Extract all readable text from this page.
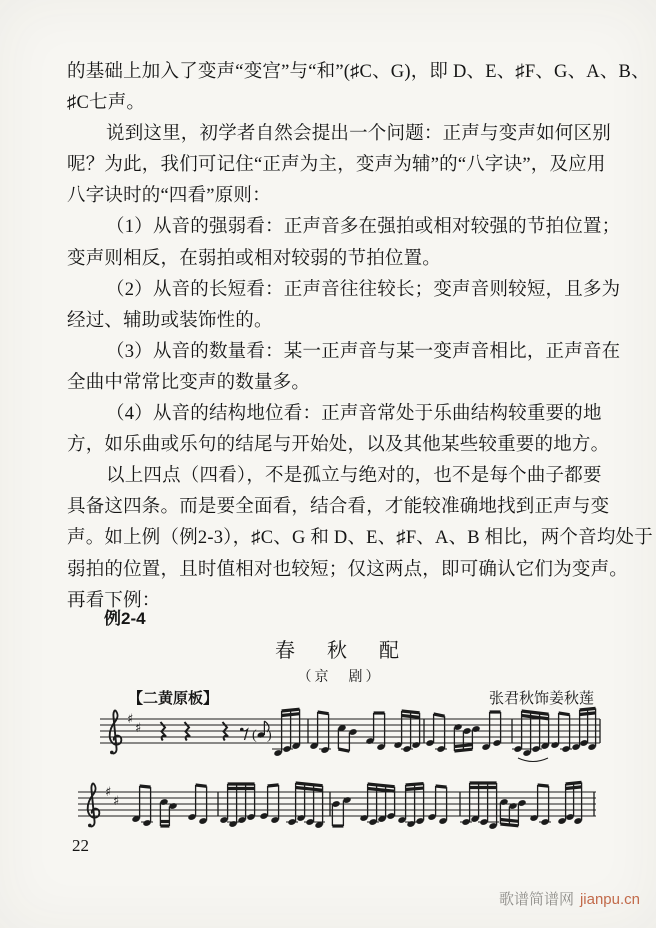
的基础上加入了变声“变宫”与“和”(♯C、G)，即 D、E、♯F、G、A、B、
♯C七声。
说到这里，初学者自然会提出一个问题：正声与变声如何区别
呢？为此，我们可记住“正声为主，变声为辅”的“八字诀”，及应用
八字诀时的“四看”原则：
（1）从音的强弱看：正声音多在强拍或相对较强的节拍位置；
变声则相反，在弱拍或相对较弱的节拍位置。
（2）从音的长短看：正声音往往较长；变声音则较短，且多为
经过、辅助或装饰性的。
（3）从音的数量看：某一正声音与某一变声音相比，正声音在
全曲中常常比变声的数量多。
（4）从音的结构地位看：正声音常处于乐曲结构较重要的地
方，如乐曲或乐句的结尾与开始处，以及其他某些较重要的地方。
以上四点（四看），不是孤立与绝对的，也不是每个曲子都要
具备这四条。而是要全面看，结合看，才能较准确地找到正声与变
声。如上例（例2-3），♯C、G 和 D、E、♯F、A、B 相比，两个音均处于
弱拍的位置，且时值相对也较短；仅这两点，即可确认它们为变声。
再看下例：
例2-4
春　秋　配
（京　剧）
【二黄原板】	张君秋饰姜秋莲
♯
♯	( )
♯
♯
22
歌谱简谱网 jianpu.cn
